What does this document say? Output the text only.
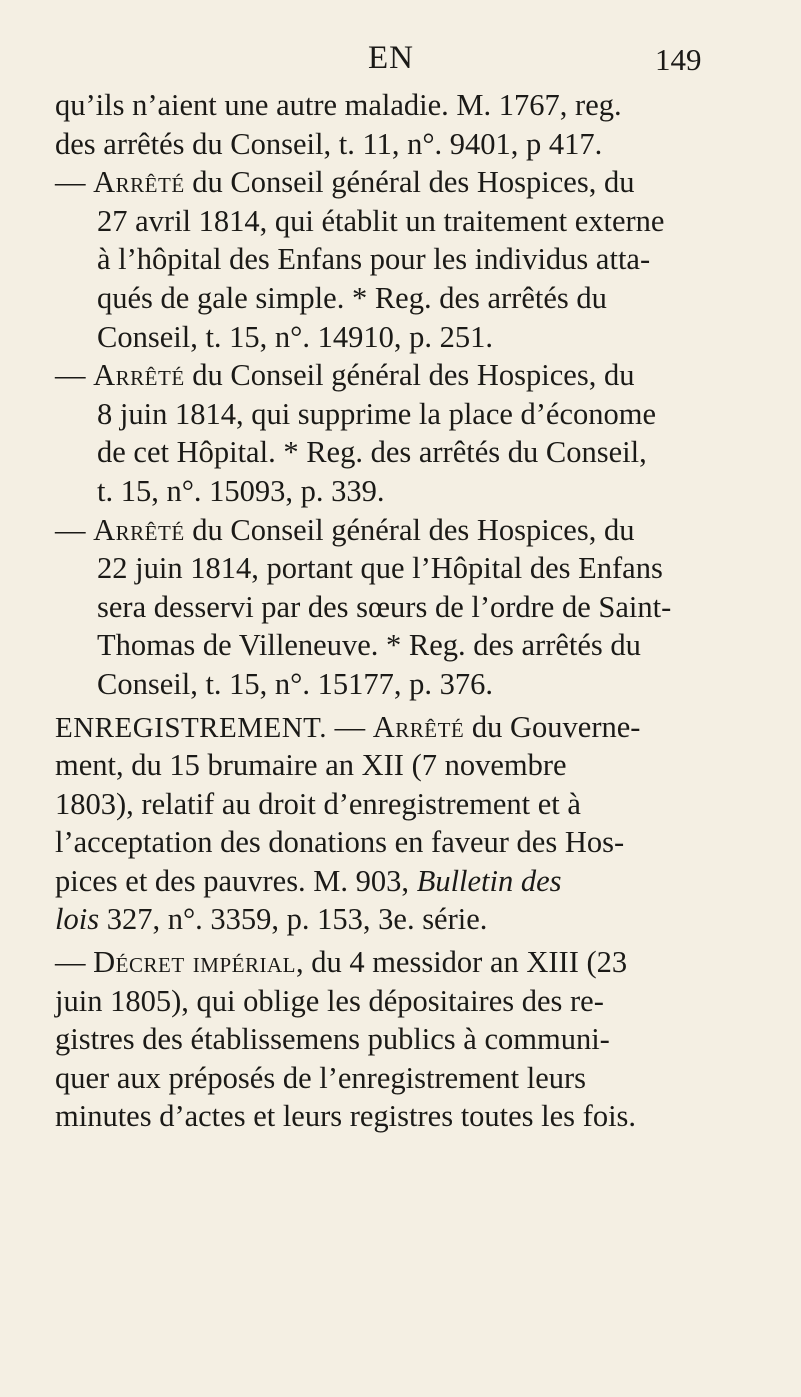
EN	149
qu’ils n’aient une autre maladie. M. 1767, reg.
des arrêtés du Conseil, t. 11, n°. 9401, p 417.
— Arrêté du Conseil général des Hospices, du
27 avril 1814, qui établit un traitement externe
à l’hôpital des Enfans pour les individus atta-
qués de gale simple. * Reg. des arrêtés du
Conseil, t. 15, n°. 14910, p. 251.
— Arrêté du Conseil général des Hospices, du
8 juin 1814, qui supprime la place d’économe
de cet Hôpital. * Reg. des arrêtés du Conseil,
t. 15, n°. 15093, p. 339.
— Arrêté du Conseil général des Hospices, du
22 juin 1814, portant que l’Hôpital des Enfans
sera desservi par des sœurs de l’ordre de Saint-
Thomas de Villeneuve. * Reg. des arrêtés du
Conseil, t. 15, n°. 15177, p. 376.
ENREGISTREMENT. — Arrêté du Gouverne-
ment, du 15 brumaire an XII (7 novembre
1803), relatif au droit d’enregistrement et à
l’acceptation des donations en faveur des Hos-
pices et des pauvres. M. 903, Bulletin des
lois 327, n°. 3359, p. 153, 3e. série.
— Décret impérial, du 4 messidor an XIII (23
juin 1805), qui oblige les dépositaires des re-
gistres des établissemens publics à communi-
quer aux préposés de l’enregistrement leurs
minutes d’actes et leurs registres toutes les fois.
